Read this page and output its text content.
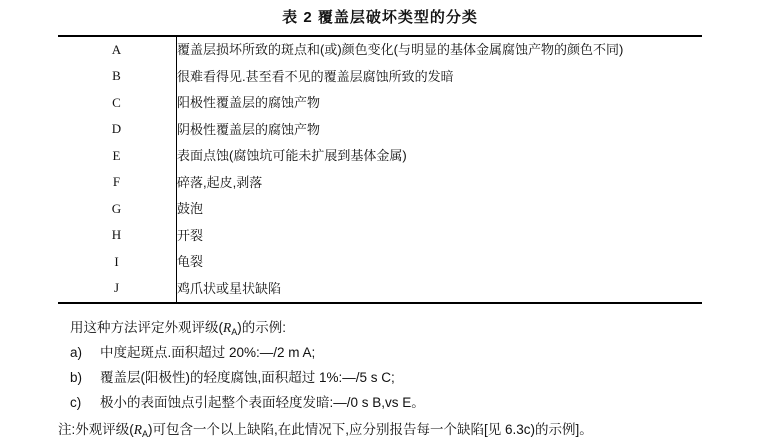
表 2 覆盖层破坏类型的分类
A	覆盖层损坏所致的斑点和(或)颜色变化(与明显的基体金属腐蚀产物的颜色不同)
B	很难看得见.甚至看不见的覆盖层腐蚀所致的发暗
C	阳极性覆盖层的腐蚀产物
D	阴极性覆盖层的腐蚀产物
E	表面点蚀(腐蚀坑可能未扩展到基体金属)
F	碎落,起皮,剥落
G	鼓泡
H	开裂
I	龟裂
J	鸡爪状或星状缺陷
用这种方法评定外观评级$(R_A)$的示例:
a)	中度起斑点.面积超过 20%:—/2 m A;
b)	覆盖层(阳极性)的轻度腐蚀,面积超过 1%:—/5 s C;
c)	极小的表面蚀点引起整个表面轻度发暗:—/0 s B,vs E。
注:外观评级$(R_A)$可包含一个以上缺陷,在此情况下,应分别报告每一个缺陷[见 6.3c)的示例]。
